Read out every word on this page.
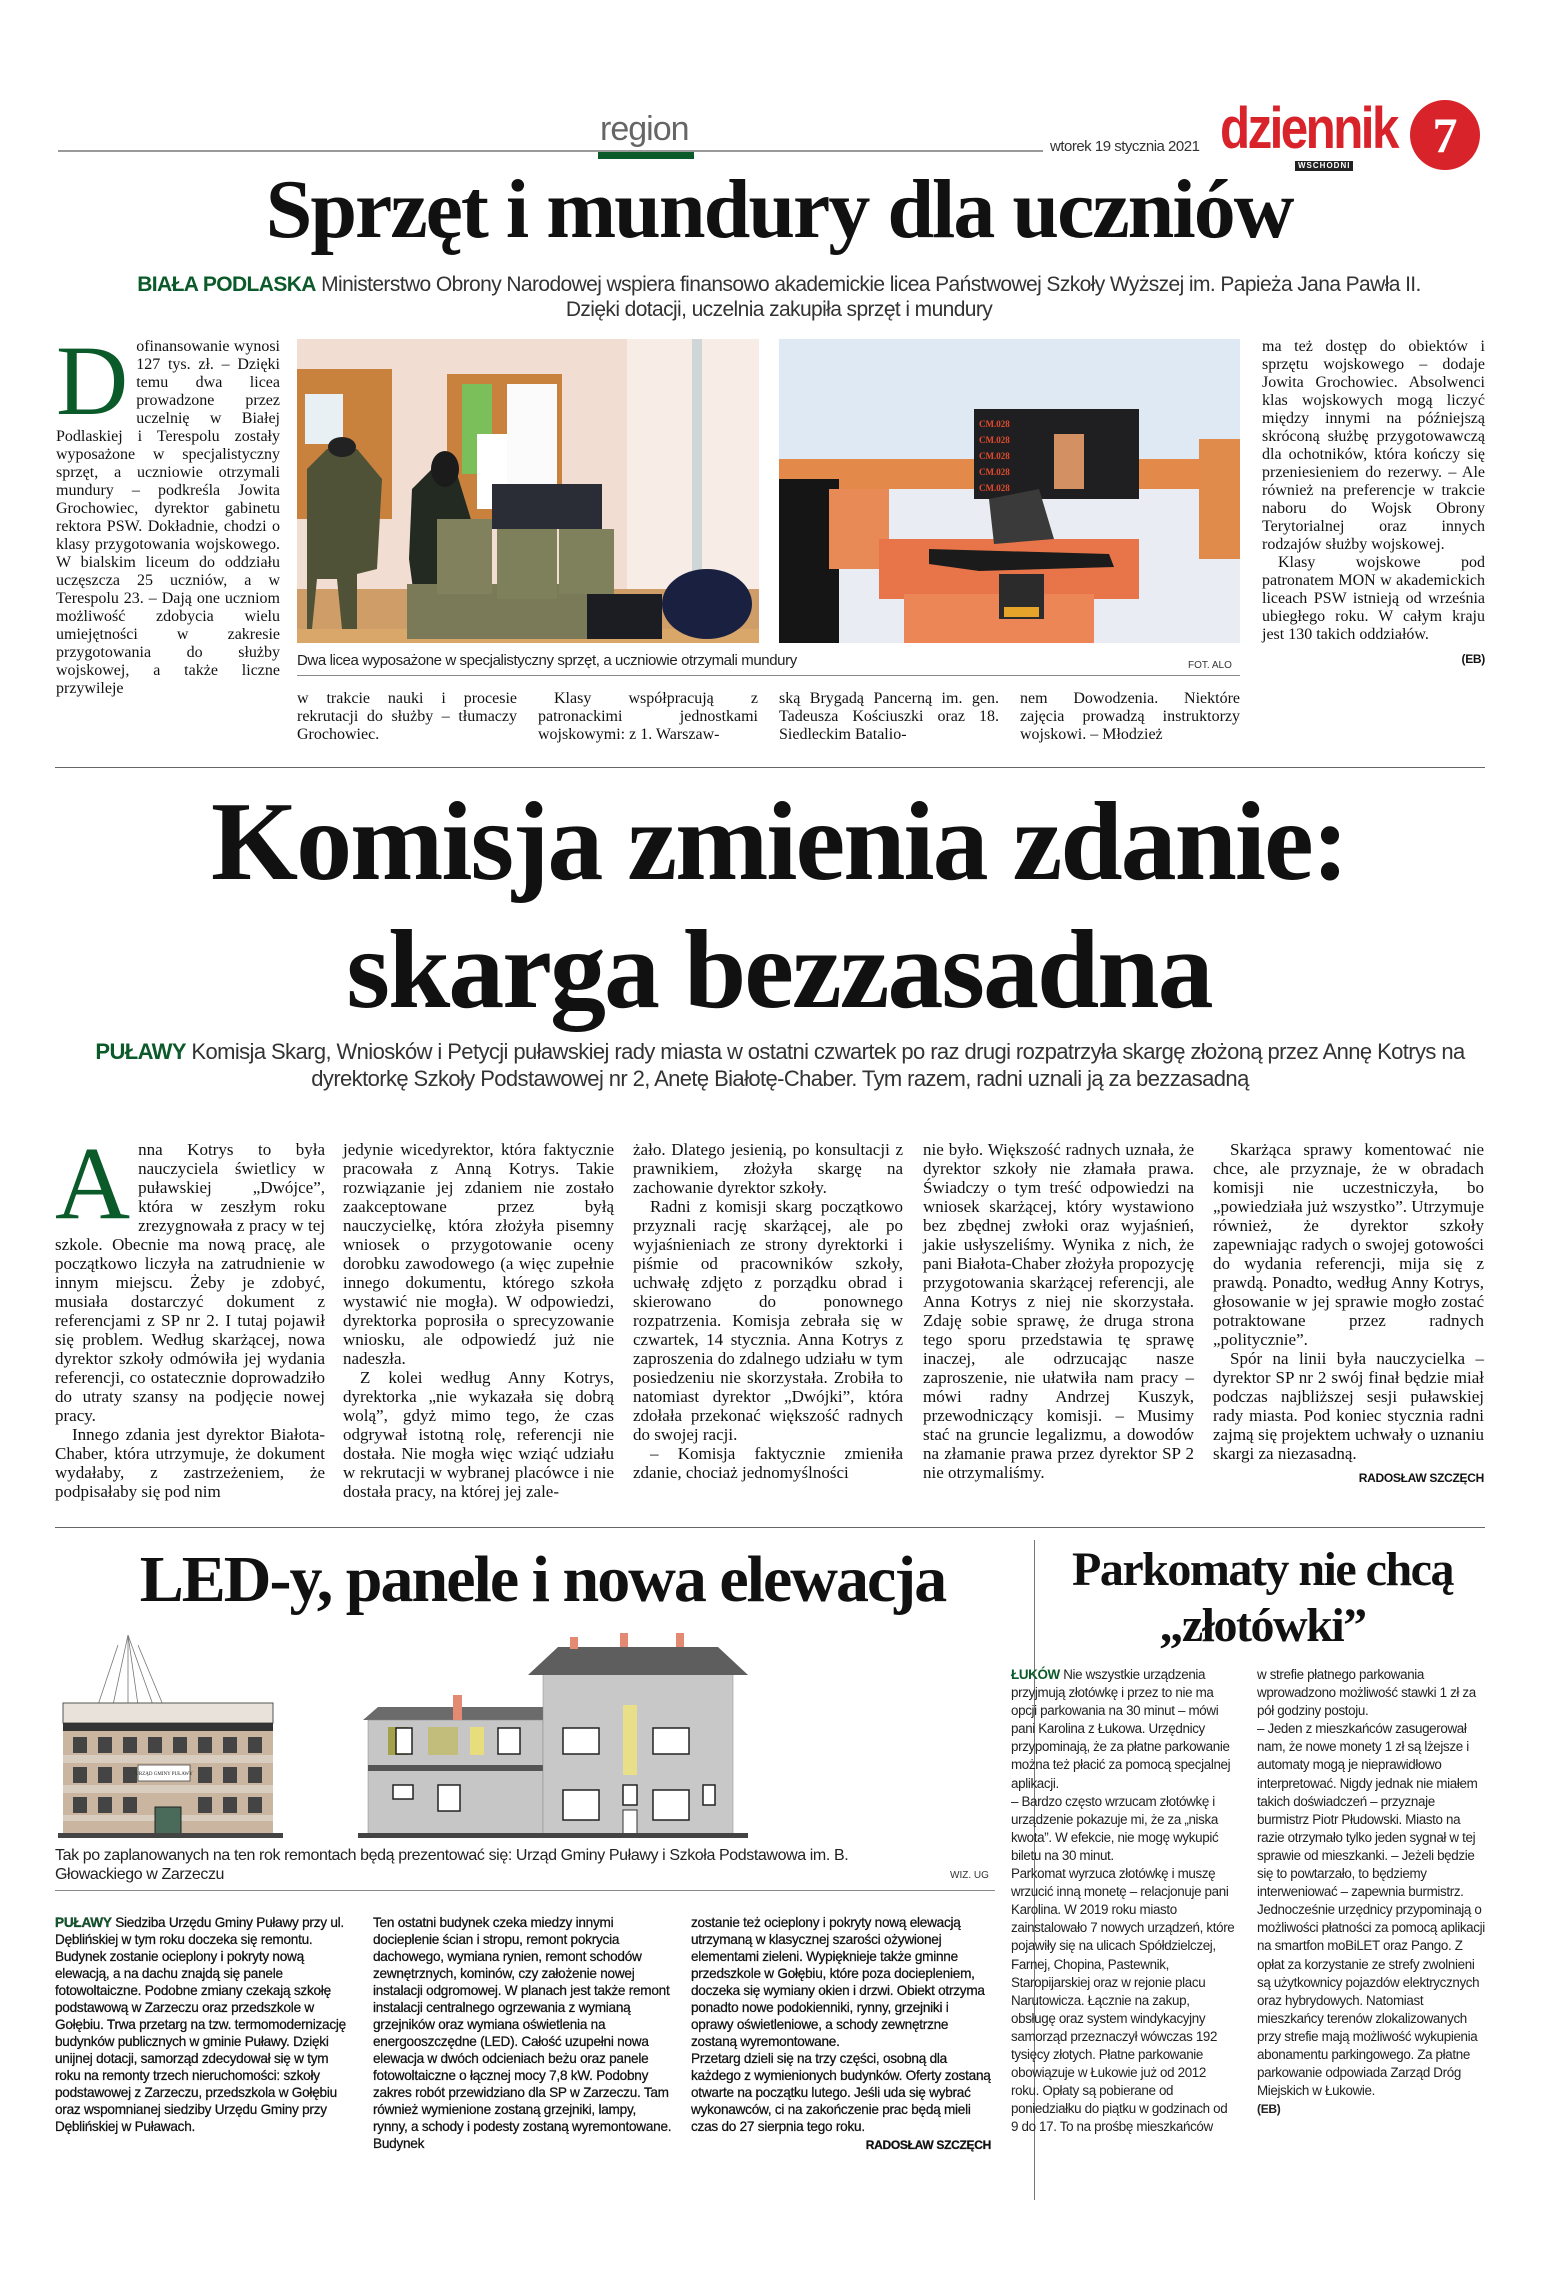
region	wtorek 19 stycznia 2021 dziennik
WSCHODNI
7
Sprzęt i mundury dla uczniów
BIAŁA PODLASKA Ministerstwo Obrony Narodowej wspiera finansowo akademickie licea Państwowej Szkoły Wyższej im. Papieża Jana Pawła II.
Dzięki dotacji, uczelnia zakupiła sprzęt i mundury
D ofinansowanie wynosi 127 tys. zł. – Dzięki temu dwa licea prowadzone przez uczelnię w Białej Podlaskiej i Terespolu zostały wyposażone w specjalistyczny sprzęt, a uczniowie otrzymali mundury – podkreśla Jowita Grochowiec, dyrektor gabinetu rektora PSW. Dokładnie, chodzi o klasy przygotowania wojskowego. W bialskim liceum do oddziału uczęszcza 25 uczniów, a w Terespolu 23. – Dają one uczniom możliwość zdobycia wielu umiejętności w zakresie przygotowania do służby wojskowej, a także liczne przywileje

CM.028
CM.028
CM.028
CM.028
CM.028
Dwa licea wyposażone w specjalistyczny sprzęt, a uczniowie otrzymali mundury	FOT. ALO

w trakcie nauki i procesie rekrutacji do służby – tłumaczy Grochowiec.

Klasy współpracują z patronackimi jednostkami wojskowymi: z 1. Warszaw-

ską Brygadą Pancerną im. gen. Tadeusza Kościuszki oraz 18. Siedleckim Batalio-

nem Dowodzenia. Niektóre zajęcia prowadzą instruktorzy wojskowi. – Młodzież

ma też dostęp do obiektów i sprzętu wojskowego – dodaje Jowita Grochowiec. Absolwenci klas wojskowych mogą liczyć między innymi na późniejszą skróconą służbę przygotowawczą dla ochotników, która kończy się przeniesieniem do rezerwy. – Ale również na preferencje w trakcie naboru do Wojsk Obrony Terytorialnej oraz innych rodzajów służby wojskowej.

Klasy wojskowe pod patronatem MON w akademickich liceach PSW istnieją od września ubiegłego roku. W całym kraju jest 130 takich oddziałów.

(EB)
Komisja zmienia zdanie:
skarga bezzasadna
PUŁAWY Komisja Skarg, Wniosków i Petycji puławskiej rady miasta w ostatni czwartek po raz drugi rozpatrzyła skargę złożoną przez Annę Kotrys na dyrektorkę Szkoły Podstawowej nr 2, Anetę Białotę-Chaber. Tym razem, radni uznali ją za bezzasadną
A nna Kotrys to była nauczyciela świetlicy w puławskiej „Dwójce”, która w zeszłym roku zrezygnowała z pracy w tej szkole. Obecnie ma nową pracę, ale początkowo liczyła na zatrudnienie w innym miejscu. Żeby je zdobyć, musiała dostarczyć dokument z referencjami z SP nr 2. I tutaj pojawił się problem. Według skarżącej, nowa dyrektor szkoły odmówiła jej wydania referencji, co ostatecznie doprowadziło do utraty szansy na podjęcie nowej pracy.

Innego zdania jest dyrektor Białota-Chaber, która utrzymuje, że dokument wydałaby, z zastrzeżeniem, że podpisałaby się pod nim

jedynie wicedyrektor, która faktycznie pracowała z Anną Kotrys. Takie rozwiązanie jej zdaniem nie zostało zaakceptowane przez byłą nauczycielkę, która złożyła pisemny wniosek o przygotowanie oceny dorobku zawodowego (a więc zupełnie innego dokumentu, którego szkoła wystawić nie mogła). W odpowiedzi, dyrektorka poprosiła o sprecyzowanie wniosku, ale odpowiedź już nie nadeszła.

Z kolei według Anny Kotrys, dyrektorka „nie wykazała się dobrą wolą”, gdyż mimo tego, że czas odgrywał istotną rolę, referencji nie dostała. Nie mogła więc wziąć udziału w rekrutacji w wybranej placówce i nie dostała pracy, na której jej zale-

żało. Dlatego jesienią, po konsultacji z prawnikiem, złożyła skargę na zachowanie dyrektor szkoły.

Radni z komisji skarg początkowo przyznali rację skarżącej, ale po wyjaśnieniach ze strony dyrektorki i piśmie od pracowników szkoły, uchwałę zdjęto z porządku obrad i skierowano do ponownego rozpatrzenia. Komisja zebrała się w czwartek, 14 stycznia. Anna Kotrys z zaproszenia do zdalnego udziału w tym posiedzeniu nie skorzystała. Zrobiła to natomiast dyrektor „Dwójki”, która zdołała przekonać większość radnych do swojej racji.

– Komisja faktycznie zmieniła zdanie, chociaż jednomyślności

nie było. Większość radnych uznała, że dyrektor szkoły nie złamała prawa. Świadczy o tym treść odpowiedzi na wniosek skarżącej, który wystawiono bez zbędnej zwłoki oraz wyjaśnień, jakie usłyszeliśmy. Wynika z nich, że pani Białota-Chaber złożyła propozycję przygotowania skarżącej referencji, ale Anna Kotrys z niej nie skorzystała. Zdaję sobie sprawę, że druga strona tego sporu przedstawia tę sprawę inaczej, ale odrzucając nasze zaproszenie, nie ułatwiła nam pracy – mówi radny Andrzej Kuszyk, przewodniczący komisji. – Musimy stać na gruncie legalizmu, a dowodów na złamanie prawa przez dyrektor SP 2 nie otrzymaliśmy.

Skarżąca sprawy komentować nie chce, ale przyznaje, że w obradach komisji nie uczestniczyła, bo „powiedziała już wszystko”. Utrzymuje również, że dyrektor szkoły zapewniając radych o swojej gotowości do wydania referencji, mija się z prawdą. Ponadto, według Anny Kotrys, głosowanie w jej sprawie mogło zostać potraktowane przez radnych „politycznie”.

Spór na linii była nauczycielka – dyrektor SP nr 2 swój finał będzie miał podczas najbliższej sesji puławskiej rady miasta. Pod koniec stycznia radni zajmą się projektem uchwały o uznaniu skargi za niezasadną.

RADOSŁAW SZCZĘCH
LED-y, panele i nowa elewacja
URZĄD GMINY PUŁAWY
Tak po zaplanowanych na ten rok remontach będą prezentować się: Urząd Gminy Puławy i Szkoła Podstawowa im. B. Głowackiego w Zarzeczu	WIZ. UG

PUŁAWY Siedziba Urzędu Gminy Puławy przy ul. Dęblińskiej w tym roku doczeka się remontu. Budynek zostanie ocieplony i pokryty nową elewacją, a na dachu znajdą się panele fotowoltaiczne. Podobne zmiany czekają szkołę podstawową w Zarzeczu oraz przedszkole w Gołębiu. Trwa przetarg na tzw. termomodernizację budynków publicznych w gminie Puławy. Dzięki unijnej dotacji, samorząd zdecydował się w tym roku na remonty trzech nieruchomości: szkoły podstawowej z Zarzeczu, przedszkola w Gołębiu oraz wspomnianej siedziby Urzędu Gminy przy Dęblińskiej w Puławach.

Ten ostatni budynek czeka miedzy innymi docieplenie ścian i stropu, remont pokrycia dachowego, wymiana rynien, remont schodów zewnętrznych, kominów, czy założenie nowej instalacji odgromowej. W planach jest także remont instalacji centralnego ogrzewania z wymianą grzejników oraz wymiana oświetlenia na energooszczędne (LED). Całość uzupełni nowa elewacja w dwóch odcieniach beżu oraz panele fotowoltaiczne o łącznej mocy 7,8 kW. Podobny zakres robót przewidziano dla SP w Zarzeczu. Tam również wymienione zostaną grzejniki, lampy, rynny, a schody i podesty zostaną wyremontowane. Budynek

zostanie też ocieplony i pokryty nową elewacją utrzymaną w klasycznej szarości ożywionej elementami zieleni. Wypięknieje także gminne przedszkole w Gołębiu, które poza dociepleniem, doczeka się wymiany okien i drzwi. Obiekt otrzyma ponadto nowe podokienniki, rynny, grzejniki i oprawy oświetleniowe, a schody zewnętrzne zostaną wyremontowane.

Przetarg dzieli się na trzy części, osobną dla każdego z wymienionych budynków. Oferty zostaną otwarte na początku lutego. Jeśli uda się wybrać wykonawców, ci na zakończenie prac będą mieli czas do 27 sierpnia tego roku.

RADOSŁAW SZCZĘCH
Parkomaty nie chcą
„złotówki”

ŁUKÓW Nie wszystkie urządzenia przyjmują złotówkę i przez to nie ma opcji parkowania na 30 minut – mówi pani Karolina z Łukowa. Urzędnicy przypominają, że za płatne parkowanie można też płacić za pomocą specjalnej aplikacji.

– Bardzo często wrzucam złotówkę i urządzenie pokazuje mi, że za „niska kwota”. W efekcie, nie mogę wykupić biletu na 30 minut.

Parkomat wyrzuca złotówkę i muszę wrzucić inną monetę – relacjonuje pani Karolina. W 2019 roku miasto zainstalowało 7 nowych urządzeń, które pojawiły się na ulicach Spółdzielczej, Farnej, Chopina, Pastewnik, Staropijarskiej oraz w rejonie placu Narutowicza. Łącznie na zakup, obsługę oraz system windykacyjny samorząd przeznaczył wówczas 192 tysięcy złotych. Płatne parkowanie obowiązuje w Łukowie już od 2012 roku. Opłaty są pobierane od poniedziałku do piątku w godzinach od 9 do 17. To na prośbę mieszkańców

w strefie płatnego parkowania wprowadzono możliwość stawki 1 zł za pół godziny postoju.

– Jeden z mieszkańców zasugerował nam, że nowe monety 1 zł są lżejsze i automaty mogą je nieprawidłowo interpretować. Nigdy jednak nie miałem takich doświadczeń – przyznaje burmistrz Piotr Płudowski. Miasto na razie otrzymało tylko jeden sygnał w tej sprawie od mieszkanki. – Jeżeli będzie się to powtarzało, to będziemy interweniować – zapewnia burmistrz. Jednocześnie urzędnicy przypominają o możliwości płatności za pomocą aplikacji na smartfon moBiLET oraz Pango. Z opłat za korzystanie ze strefy zwolnieni są użytkownicy pojazdów elektrycznych oraz hybrydowych. Natomiast mieszkańcy terenów zlokalizowanych przy strefie mają możliwość wykupienia abonamentu parkingowego. Za płatne parkowanie odpowiada Zarząd Dróg Miejskich w Łukowie.

(EB)
